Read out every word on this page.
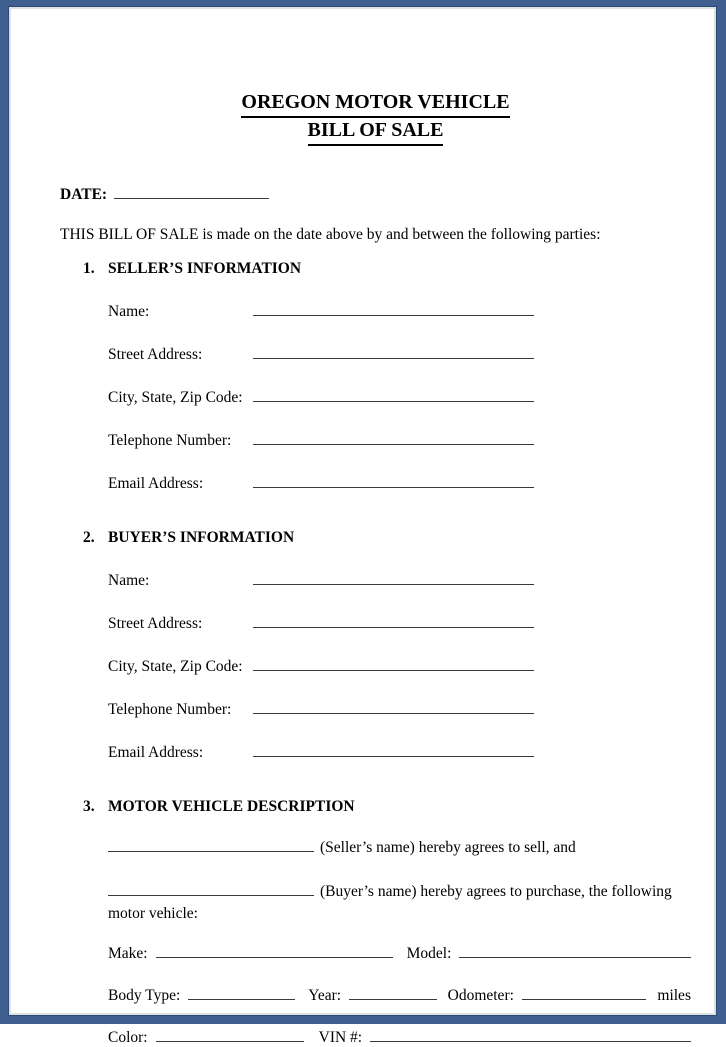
OREGON MOTOR VEHICLE
BILL OF SALE
DATE:

THIS BILL OF SALE is made on the date above by and between the following parties:

1. SELLER’S INFORMATION
Name:
Street Address:
City, State, Zip Code:
Telephone Number:
Email Address:
2. BUYER’S INFORMATION
Name:
Street Address:
City, State, Zip Code:
Telephone Number:
Email Address:
3. MOTOR VEHICLE DESCRIPTION
(Seller’s name) hereby agrees to sell, and
(Buyer’s name) hereby agrees to purchase, the following
motor vehicle:
Make:	Model:
Body Type:	Year:	Odometer:	miles
Color:	VIN #:
